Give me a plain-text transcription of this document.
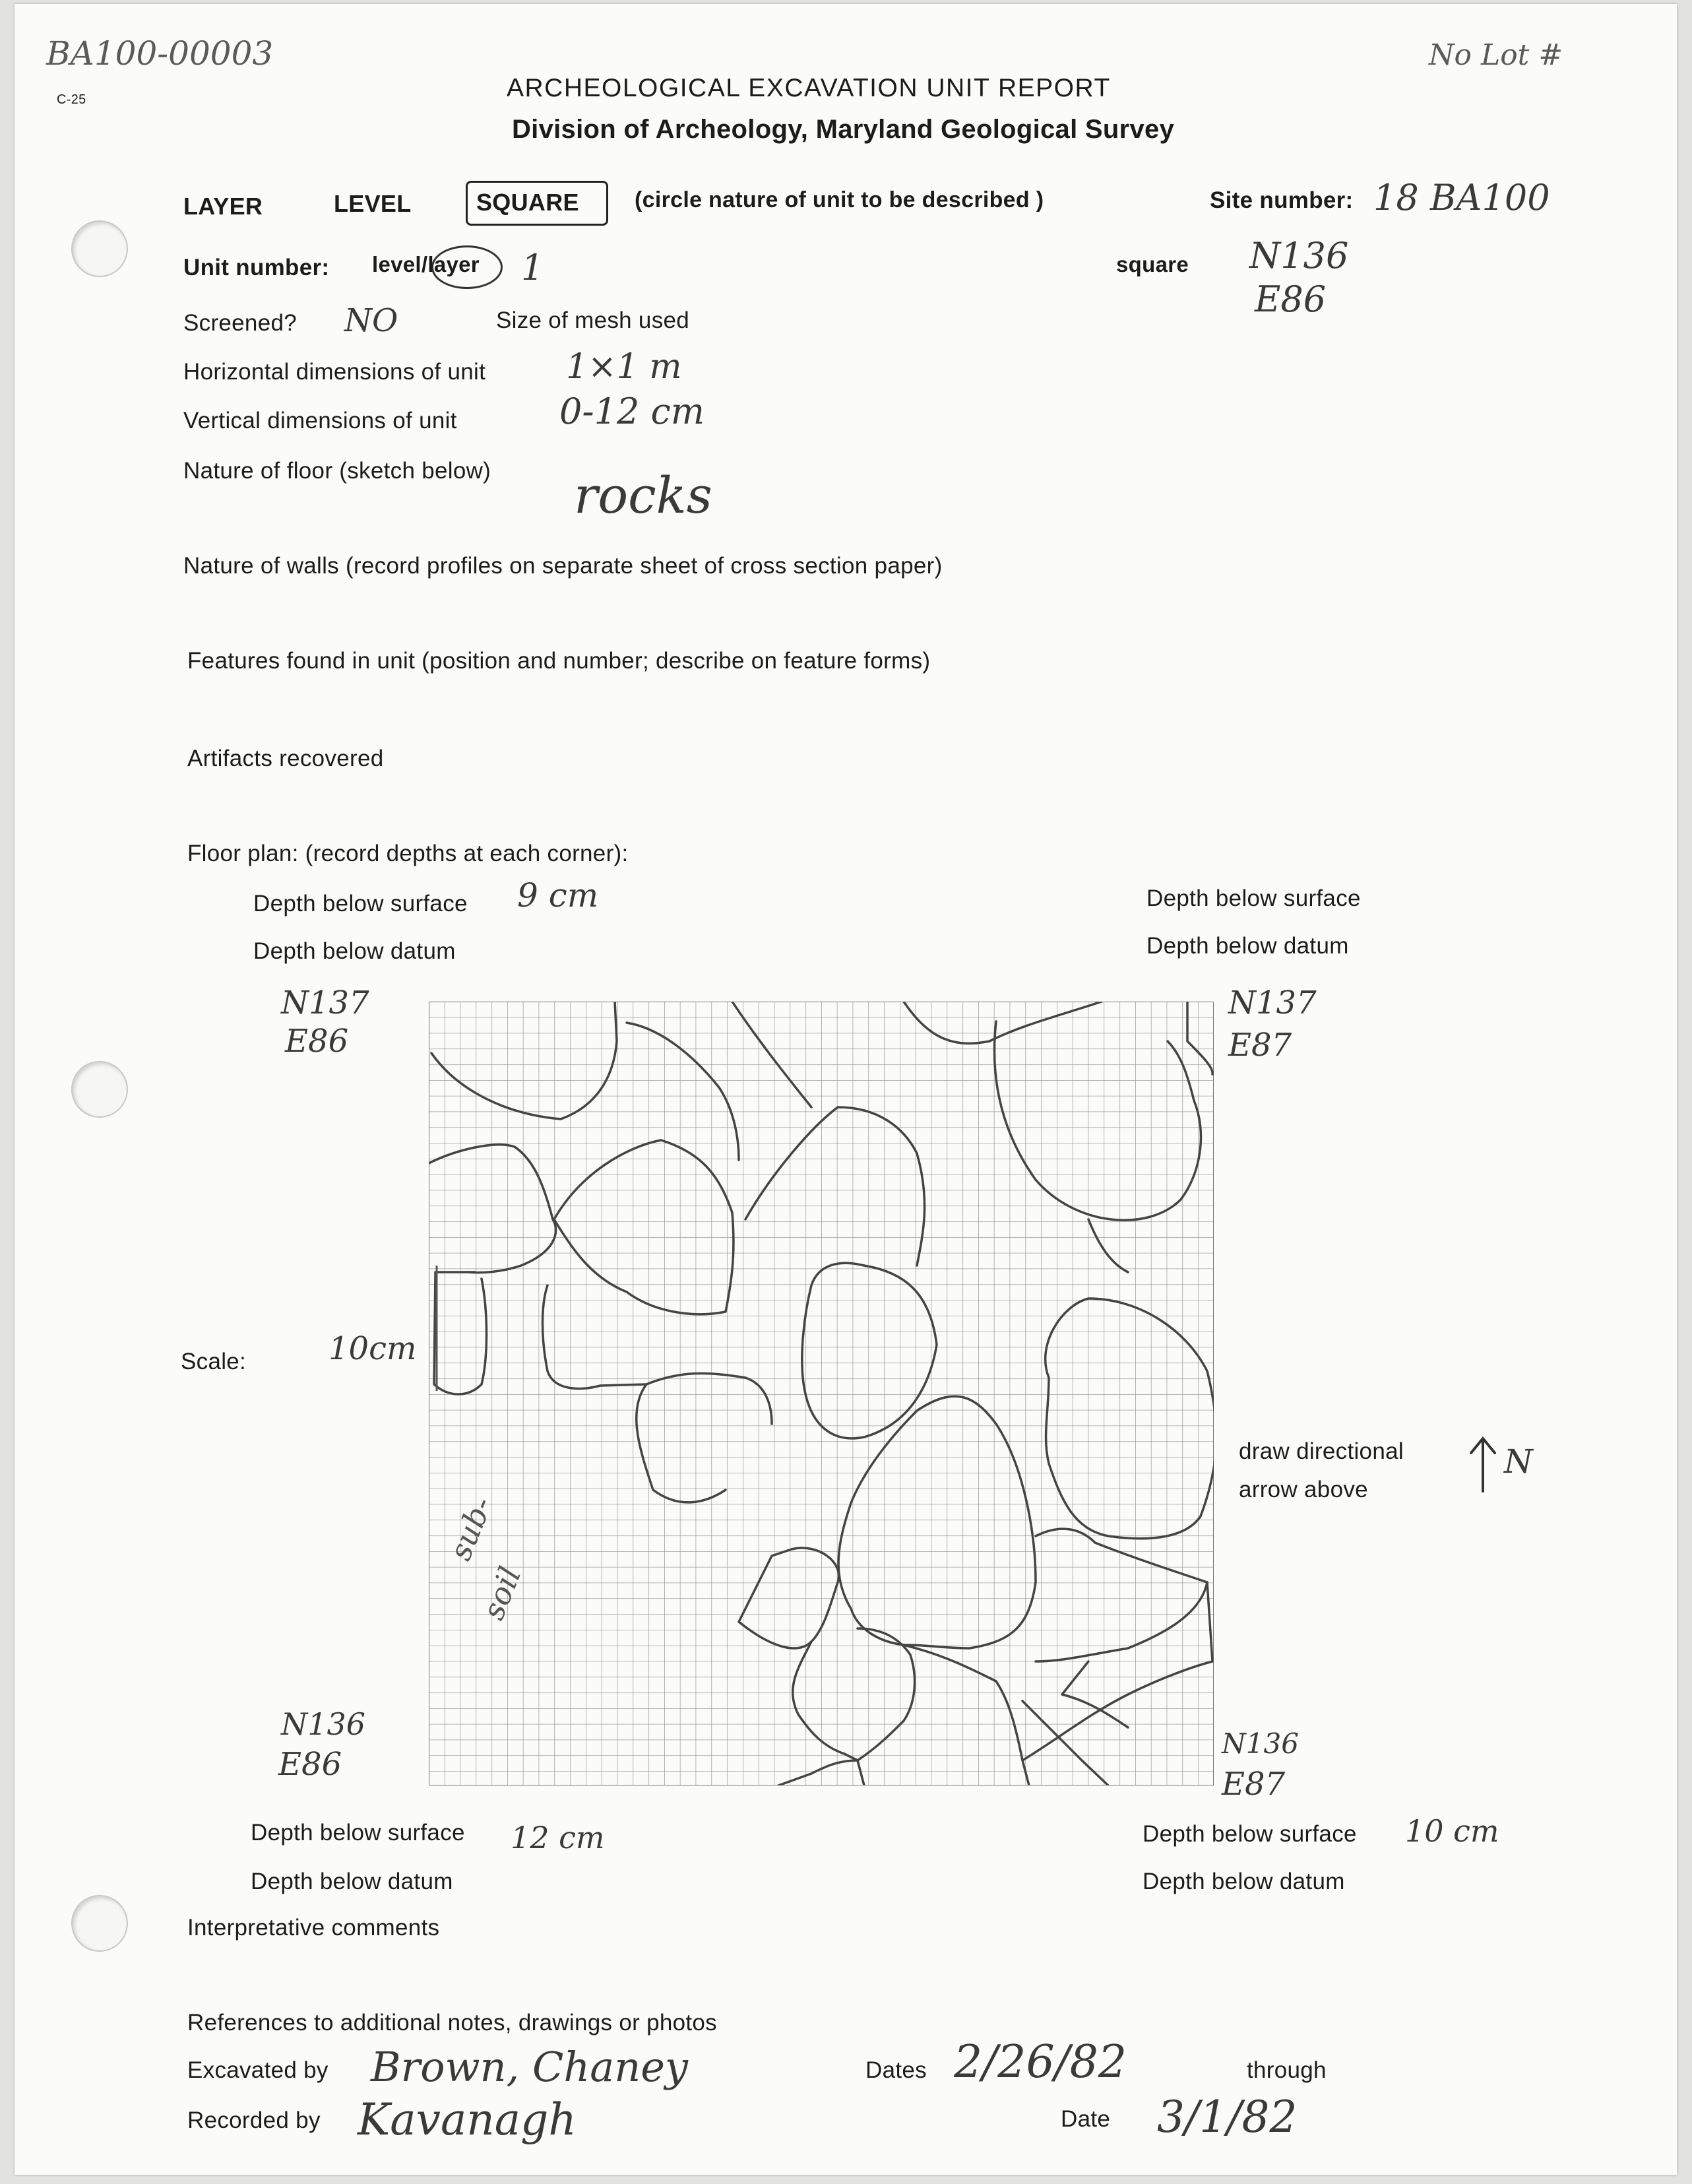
BA100-00003
C-25
No Lot #
ARCHEOLOGICAL EXCAVATION UNIT REPORT
Division of Archeology, Maryland Geological Survey
LAYER	LEVEL	SQUARE (circle nature of unit to be described )	Site number: 18 BA100
Unit number: level/layer 1	square N136
E86
Screened? NO	Size of mesh used
Horizontal dimensions of unit 1×1 m
Vertical dimensions of unit	0-12 cm
Nature of floor (sketch below) rocks
Nature of walls (record profiles on separate sheet of cross section paper)
Features found in unit (position and number; describe on feature forms)
Artifacts recovered
Floor plan: (record depths at each corner):
Depth below surface 9 cm
Depth below datum
Depth below surface
Depth below datum
N137
E86
N137
E87
N136
E86
N136
E87
Scale:	10cm
sub-
soil
draw directional
arrow above
N
Depth below surface 12 cm
Depth below datum
Depth below surface 10 cm
Depth below datum
Interpretative comments
References to additional notes, drawings or photos
Excavated by Brown, Chaney
Recorded by Kavanagh
Dates 2/26/82	through
Date 3/1/82
